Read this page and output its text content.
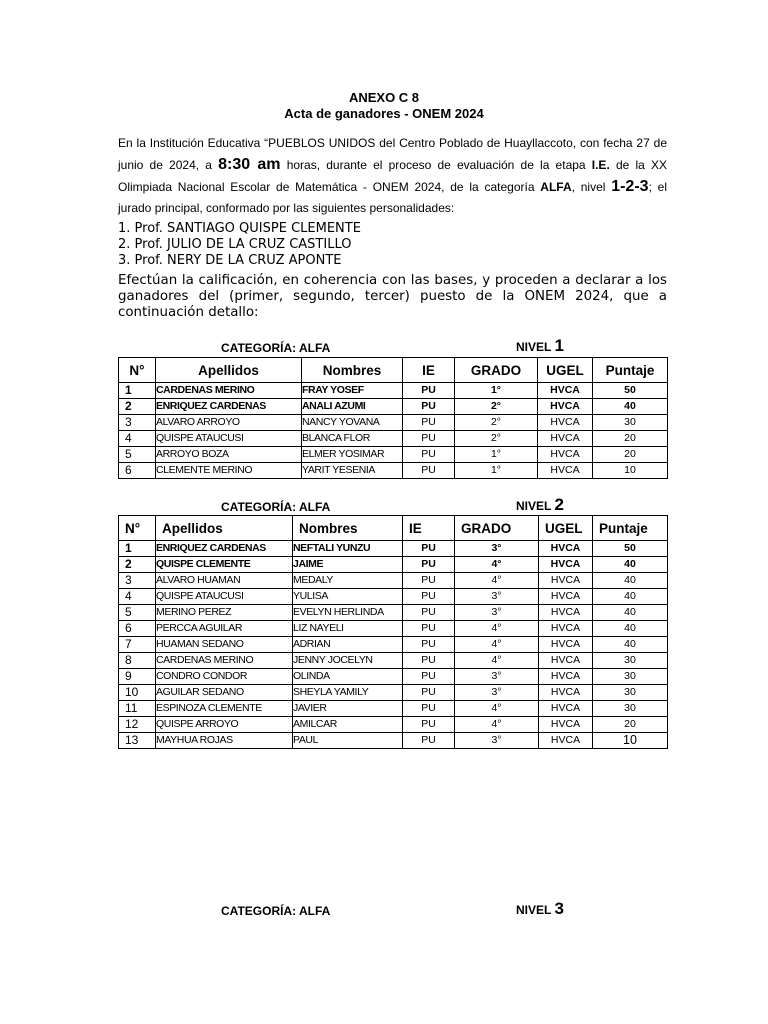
ANEXO C 8
Acta de ganadores - ONEM 2024
En la Institución Educativa “PUEBLOS UNIDOS del Centro Poblado de Huayllaccoto, con fecha 27 de junio de 2024, a 8:30 am horas, durante el proceso de evaluación de la etapa I.E. de la XX Olimpiada Nacional Escolar de Matemática - ONEM 2024, de la categoría ALFA, nivel 1-2-3; el jurado principal, conformado por las siguientes personalidades:
1. Prof. SANTIAGO QUISPE CLEMENTE
2. Prof. JULIO DE LA CRUZ CASTILLO
3. Prof. NERY DE LA CRUZ APONTE
Efectúan la calificación, en coherencia con las bases, y proceden a declarar a los ganadores del (primer, segundo, tercer) puesto de la ONEM 2024, que a continuación detallo:
CATEGORÍA: ALFA	NIVEL 1
N°	Apellidos	Nombres	IE	GRADO	UGEL	Puntaje
1	CARDENAS MERINO	FRAY YOSEF	PU	1°	HVCA	50
2	ENRIQUEZ CARDENAS	ANALI AZUMI	PU	2°	HVCA	40
3	ALVARO ARROYO	NANCY YOVANA	PU	2°	HVCA	30
4	QUISPE ATAUCUSI	BLANCA FLOR	PU	2°	HVCA	20
5	ARROYO BOZA	ELMER YOSIMAR	PU	1°	HVCA	20
6	CLEMENTE MERINO	YARIT YESENIA	PU	1°	HVCA	10
CATEGORÍA: ALFA	NIVEL 2
N°	Apellidos	Nombres	IE	GRADO	UGEL	Puntaje
1	ENRIQUEZ CARDENAS	NEFTALI YUNZU	PU	3°	HVCA	50
2	QUISPE CLEMENTE	JAIME	PU	4°	HVCA	40
3	ALVARO HUAMAN	MEDALY	PU	4°	HVCA	40
4	QUISPE ATAUCUSI	YULISA	PU	3°	HVCA	40
5	MERINO PEREZ	EVELYN HERLINDA	PU	3°	HVCA	40
6	PERCCA AGUILAR	LIZ NAYELI	PU	4°	HVCA	40
7	HUAMAN SEDANO	ADRIAN	PU	4°	HVCA	40
8	CARDENAS MERINO	JENNY JOCELYN	PU	4°	HVCA	30
9	CONDRO CONDOR	OLINDA	PU	3°	HVCA	30
10	AGUILAR SEDANO	SHEYLA YAMILY	PU	3°	HVCA	30
11	ESPINOZA CLEMENTE	JAVIER	PU	4°	HVCA	30
12	QUISPE ARROYO	AMILCAR	PU	4°	HVCA	20
13	MAYHUA ROJAS	PAUL	PU	3°	HVCA	10
CATEGORÍA: ALFA	NIVEL 3
